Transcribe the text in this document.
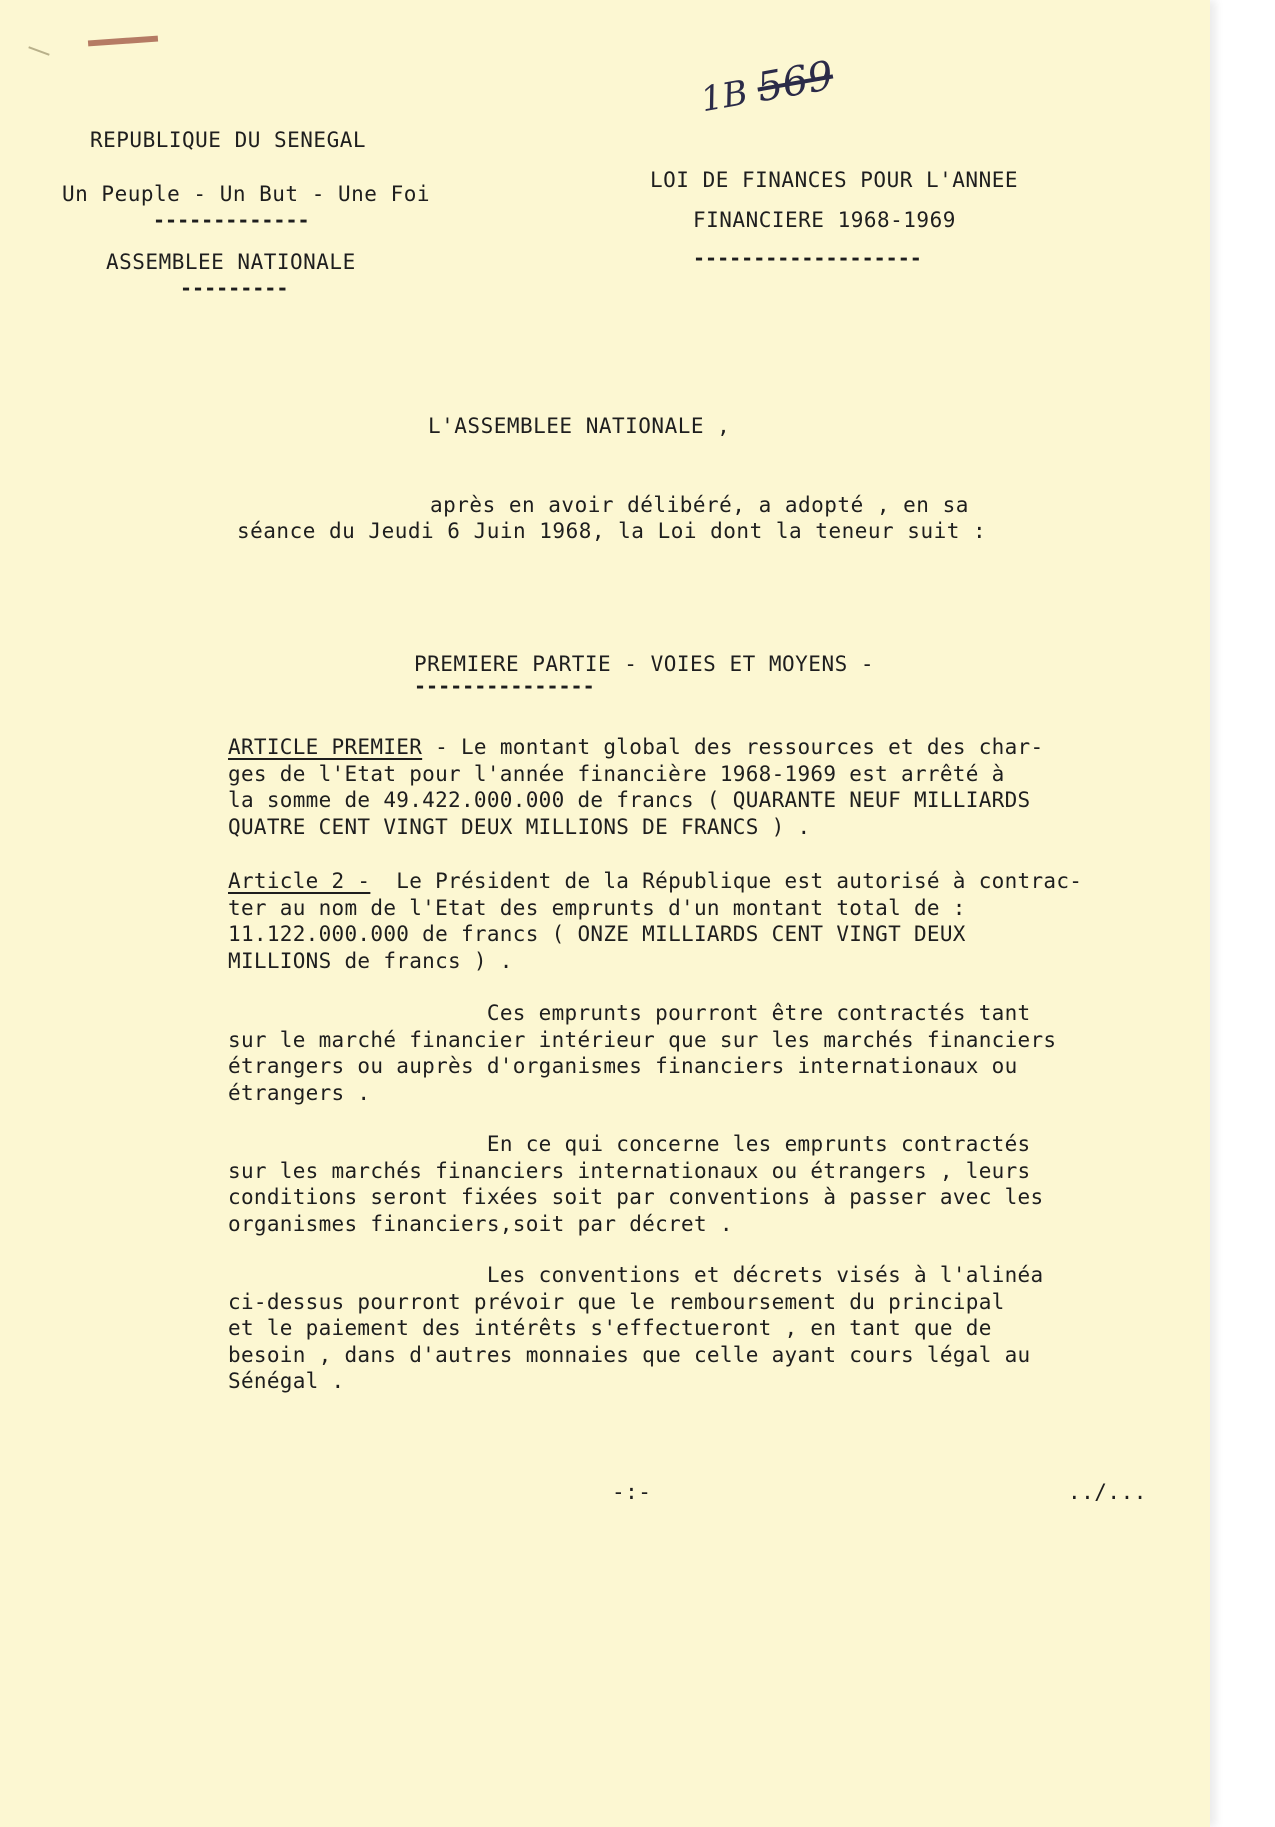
1B 569
REPUBLIQUE DU SENEGAL
Un Peuple - Un But - Une Foi
-------------
ASSEMBLEE NATIONALE
---------
LOI DE FINANCES POUR L'ANNEE
FINANCIERE 1968-1969
-------------------
L'ASSEMBLEE NATIONALE ,
après en avoir délibéré, a adopté , en sa
séance du Jeudi 6 Juin 1968, la Loi dont la teneur suit :
PREMIERE PARTIE - VOIES ET MOYENS -
---------------
ARTICLE PREMIER - Le montant global des ressources et des char-
ges de l'Etat pour l'année financière 1968-1969 est arrêté à
la somme de 49.422.000.000 de francs ( QUARANTE NEUF MILLIARDS
QUATRE CENT VINGT DEUX MILLIONS DE FRANCS ) .
Article 2 -  Le Président de la République est autorisé à contrac-
ter au nom de l'Etat des emprunts d'un montant total de :
11.122.000.000 de francs ( ONZE MILLIARDS CENT VINGT DEUX
MILLIONS de francs ) .
Ces emprunts pourront être contractés tant
sur le marché financier intérieur que sur les marchés financiers
étrangers ou auprès d'organismes financiers internationaux ou
étrangers .
En ce qui concerne les emprunts contractés
sur les marchés financiers internationaux ou étrangers , leurs
conditions seront fixées soit par conventions à passer avec les
organismes financiers,soit par décret .
Les conventions et décrets visés à l'alinéa
ci-dessus pourront prévoir que le remboursement du principal
et le paiement des intérêts s'effectueront , en tant que de
besoin , dans d'autres monnaies que celle ayant cours légal au
Sénégal .
-:-	../...
